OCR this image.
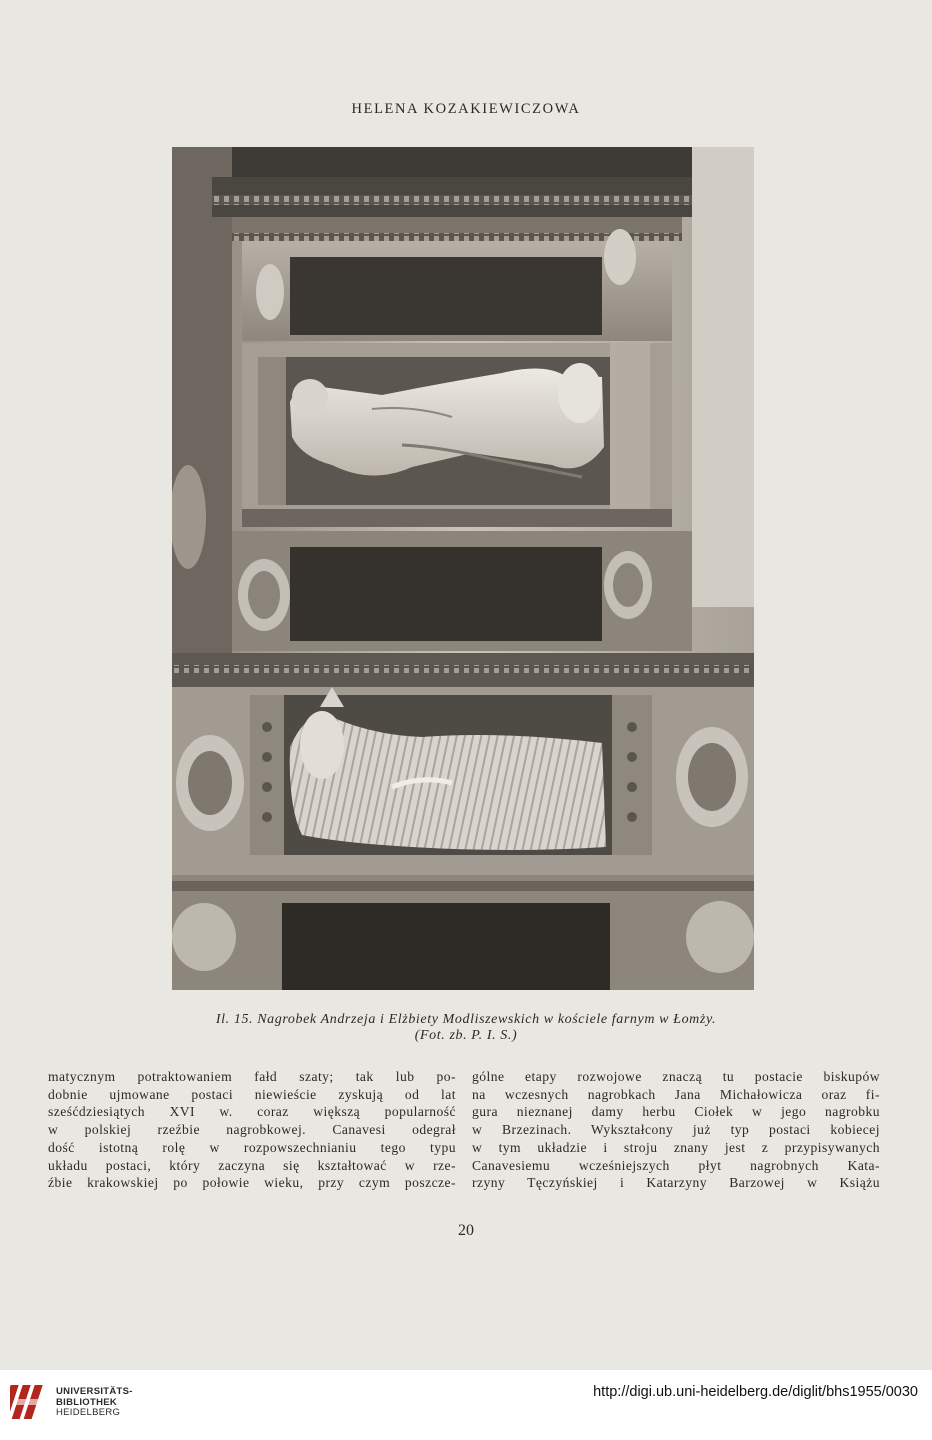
HELENA KOZAKIEWICZOWA
Il. 15. Nagrobek Andrzeja i Elżbiety Modliszewskich w kościele farnym w Łomży.
(Fot. zb. P. I. S.)
matycznym potraktowaniem fałd szaty; tak lub po-
dobnie ujmowane postaci niewieście zyskują od lat
sześćdziesiątych XVI w. coraz większą popularność
w polskiej rzeźbie nagrobkowej. Canavesi odegrał
dość istotną rolę w rozpowszechnianiu tego typu
układu postaci, który zaczyna się kształtować w rze-
źbie krakowskiej po połowie wieku, przy czym poszcze-
gólne etapy rozwojowe znaczą tu postacie biskupów
na wczesnych nagrobkach Jana Michałowicza oraz fi-
gura nieznanej damy herbu Ciołek w jego nagrobku
w Brzezinach. Wykształcony już typ postaci kobiecej
w tym układzie i stroju znany jest z przypisywanych
Canavesiemu wcześniejszych płyt nagrobnych Kata-
rzyny Tęczyńskiej i Katarzyny Barzowej w Książu
20
UNIVERSITÄTS-
BIBLIOTHEK
HEIDELBERG
http://digi.ub.uni-heidelberg.de/diglit/bhs1955/0030
